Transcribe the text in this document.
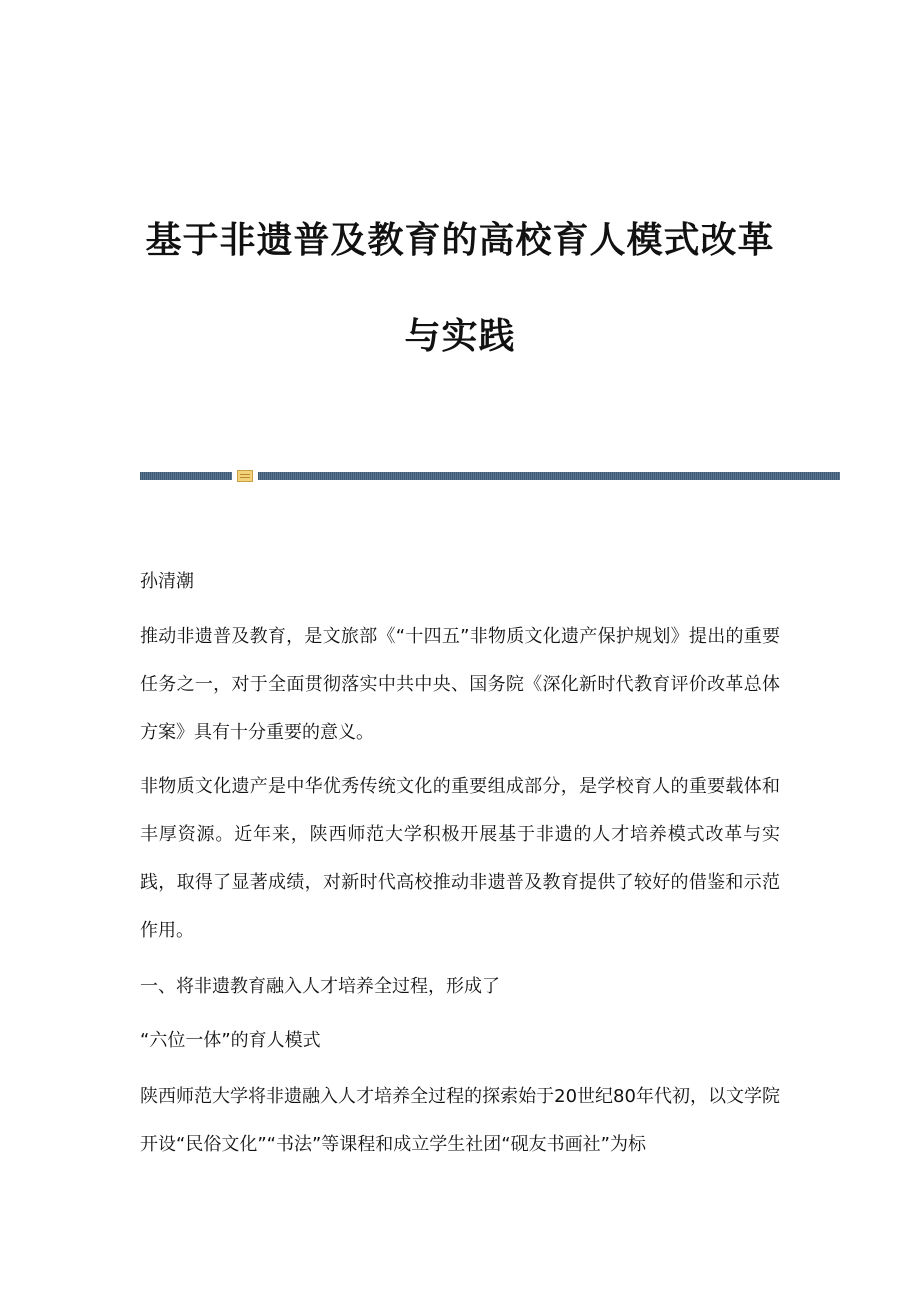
基于非遗普及教育的高校育人模式改革
与实践

孙清潮

推动非遗普及教育，是文旅部《“十四五”非物质文化遗产保护规划》提出的重要任务之一，对于全面贯彻落实中共中央、国务院《深化新时代教育评价改革总体方案》具有十分重要的意义。

非物质文化遗产是中华优秀传统文化的重要组成部分，是学校育人的重要载体和丰厚资源。近年来，陕西师范大学积极开展基于非遗的人才培养模式改革与实践，取得了显著成绩，对新时代高校推动非遗普及教育提供了较好的借鉴和示范作用。

一、将非遗教育融入人才培养全过程，形成了

“六位一体”的育人模式

陕西师范大学将非遗融入人才培养全过程的探索始于20世纪80年代初，以文学院开设“民俗文化”“书法”等课程和成立学生社团“砚友书画社”为标
